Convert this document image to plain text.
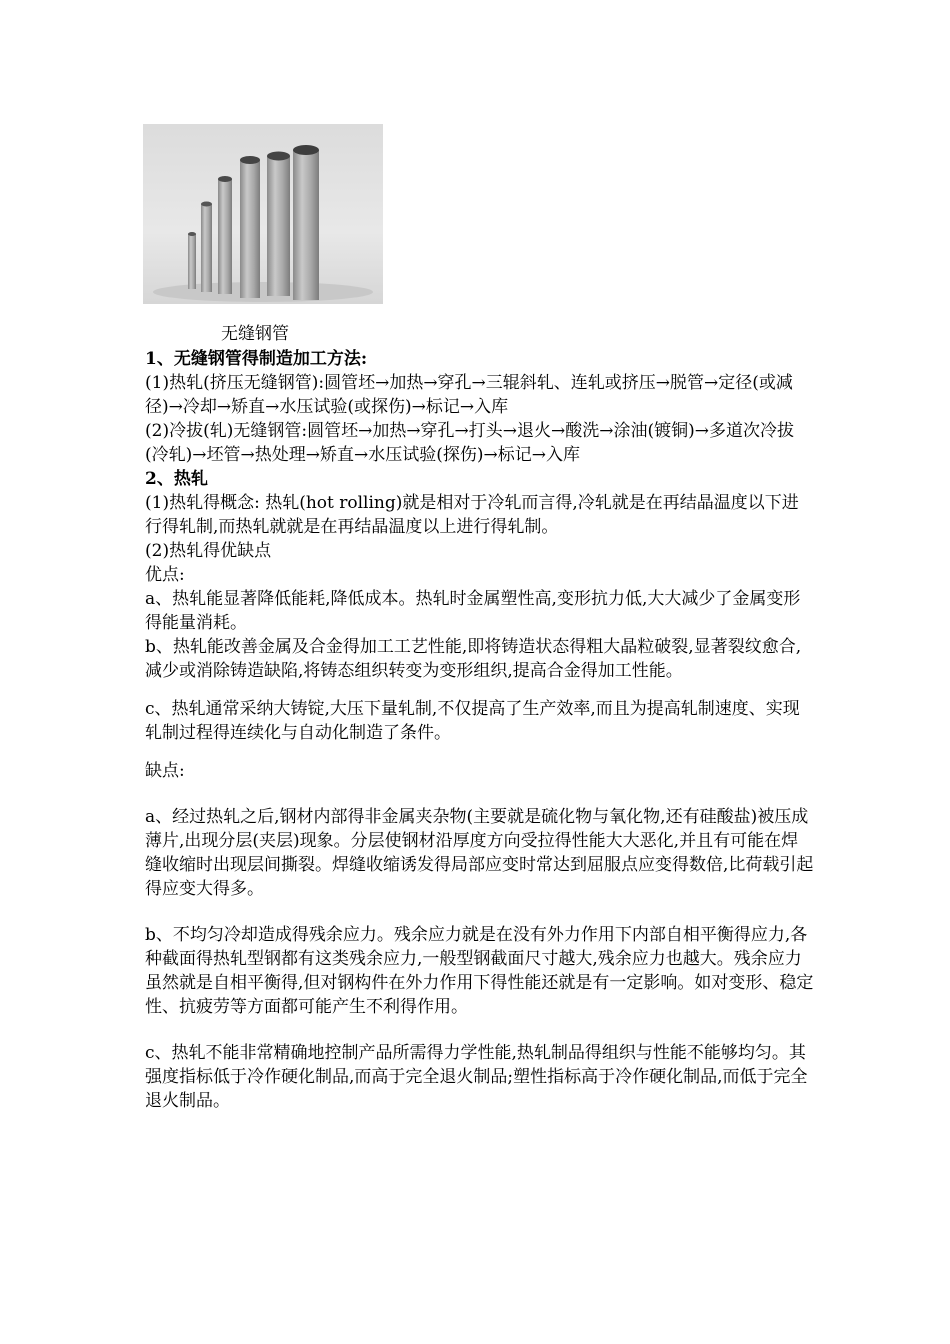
无缝钢管

1、无缝钢管得制造加工方法:

(1)热轧(挤压无缝钢管):圆管坯→加热→穿孔→三辊斜轧、连轧或挤压→脱管→定径(或减径)→冷却→矫直→水压试验(或探伤)→标记→入库

(2)冷拔(轧)无缝钢管:圆管坯→加热→穿孔→打头→退火→酸洗→涂油(镀铜)→多道次冷拔(冷轧)→坯管→热处理→矫直→水压试验(探伤)→标记→入库

2、热轧

(1)热轧得概念: 热轧(hot rolling)就是相对于冷轧而言得,冷轧就是在再结晶温度以下进行得轧制,而热轧就就是在再结晶温度以上进行得轧制。

(2)热轧得优缺点

优点:

a、热轧能显著降低能耗,降低成本。热轧时金属塑性高,变形抗力低,大大减少了金属变形得能量消耗。

b、热轧能改善金属及合金得加工工艺性能,即将铸造状态得粗大晶粒破裂,显著裂纹愈合,减少或消除铸造缺陷,将铸态组织转变为变形组织,提高合金得加工性能。

c、热轧通常采纳大铸锭,大压下量轧制,不仅提高了生产效率,而且为提高轧制速度、实现轧制过程得连续化与自动化制造了条件。

缺点:

a、经过热轧之后,钢材内部得非金属夹杂物(主要就是硫化物与氧化物,还有硅酸盐)被压成薄片,出现分层(夹层)现象。分层使钢材沿厚度方向受拉得性能大大恶化,并且有可能在焊缝收缩时出现层间撕裂。焊缝收缩诱发得局部应变时常达到屈服点应变得数倍,比荷载引起得应变大得多。

b、不均匀冷却造成得残余应力。残余应力就是在没有外力作用下内部自相平衡得应力,各种截面得热轧型钢都有这类残余应力,一般型钢截面尺寸越大,残余应力也越大。残余应力虽然就是自相平衡得,但对钢构件在外力作用下得性能还就是有一定影响。如对变形、稳定性、抗疲劳等方面都可能产生不利得作用。

c、热轧不能非常精确地控制产品所需得力学性能,热轧制品得组织与性能不能够均匀。其强度指标低于冷作硬化制品,而高于完全退火制品;塑性指标高于冷作硬化制品,而低于完全退火制品。
